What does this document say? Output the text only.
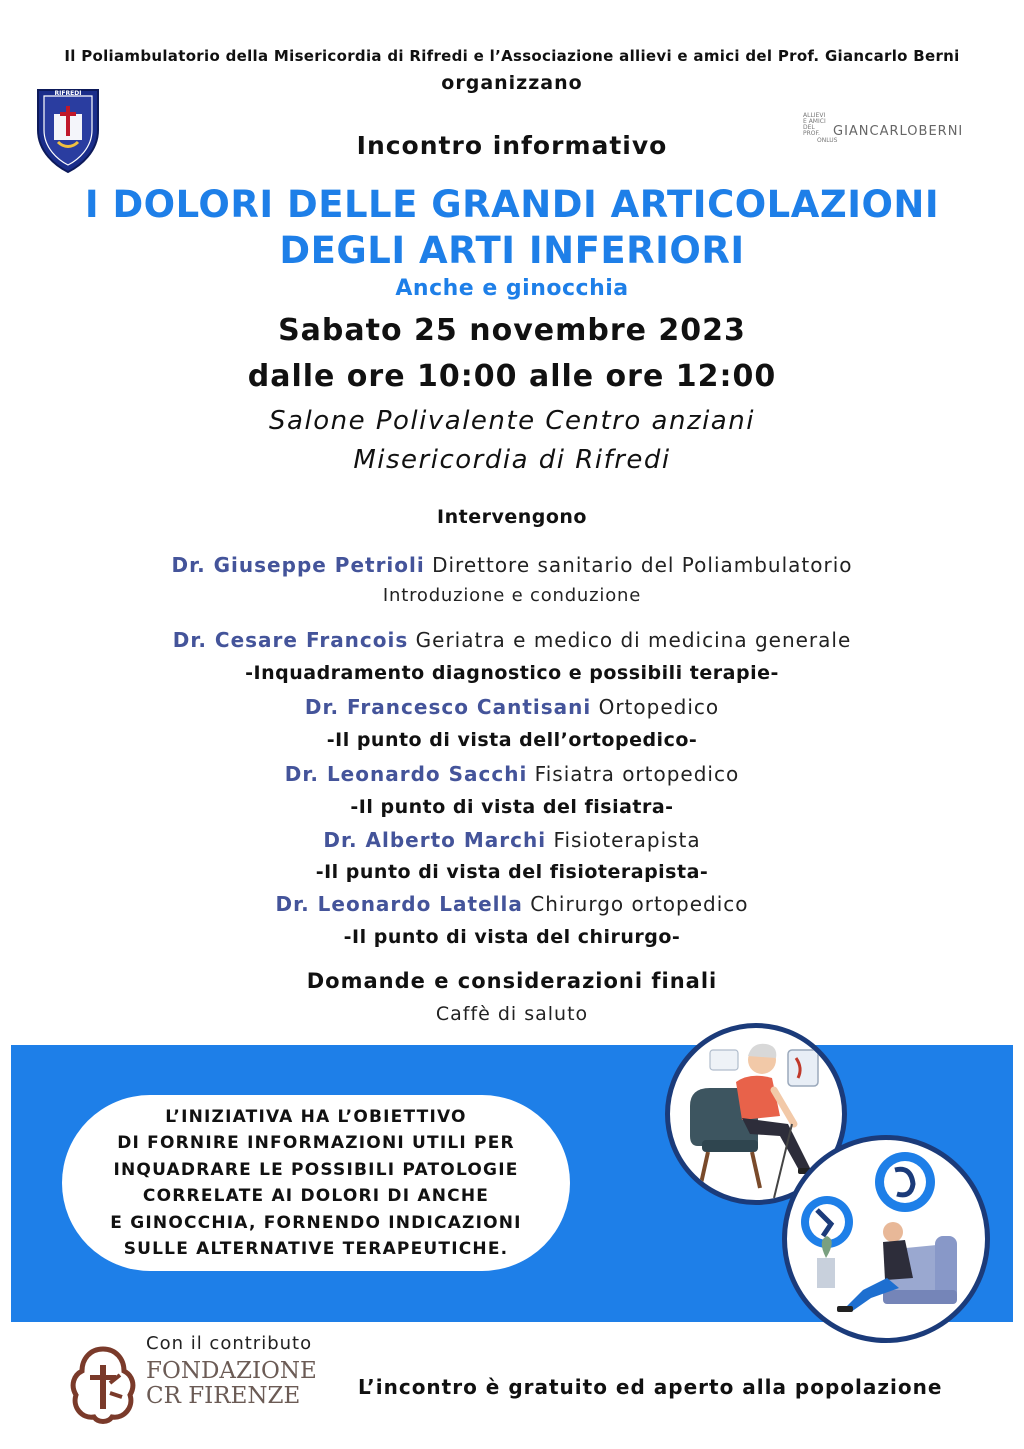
Il Poliambulatorio della Misericordia di Rifredi e l’Associazione allievi e amici del Prof. Giancarlo Berni
organizzano
RIFREDI
ALLIEVI E AMICI DEL PROF.	GIANCARLOBERNI
ONLUS
Incontro informativo
I DOLORI DELLE GRANDI ARTICOLAZIONI
DEGLI ARTI INFERIORI
Anche e ginocchia
Sabato 25 novembre 2023
dalle ore 10:00 alle ore 12:00
Salone Polivalente Centro anziani
Misericordia di Rifredi
Intervengono
Dr. Giuseppe Petrioli Direttore sanitario del Poliambulatorio
Introduzione e conduzione
Dr. Cesare Francois Geriatra e medico di medicina generale
-Inquadramento diagnostico e possibili terapie-
Dr. Francesco Cantisani Ortopedico
-Il punto di vista dell’ortopedico-
Dr. Leonardo Sacchi Fisiatra ortopedico
-Il punto di vista del fisiatra-
Dr. Alberto Marchi Fisioterapista
-Il punto di vista del fisioterapista-
Dr. Leonardo Latella Chirurgo ortopedico
-Il punto di vista del chirurgo-
Domande e considerazioni finali
Caffè di saluto
L’INIZIATIVA HA L’OBIETTIVO
DI FORNIRE INFORMAZIONI UTILI PER
INQUADRARE LE POSSIBILI PATOLOGIE
CORRELATE AI DOLORI DI ANCHE
E GINOCCHIA, FORNENDO INDICAZIONI
SULLE ALTERNATIVE TERAPEUTICHE.
Con il contributo
FONDAZIONE
CR FIRENZE	L’incontro è gratuito ed aperto alla popolazione
